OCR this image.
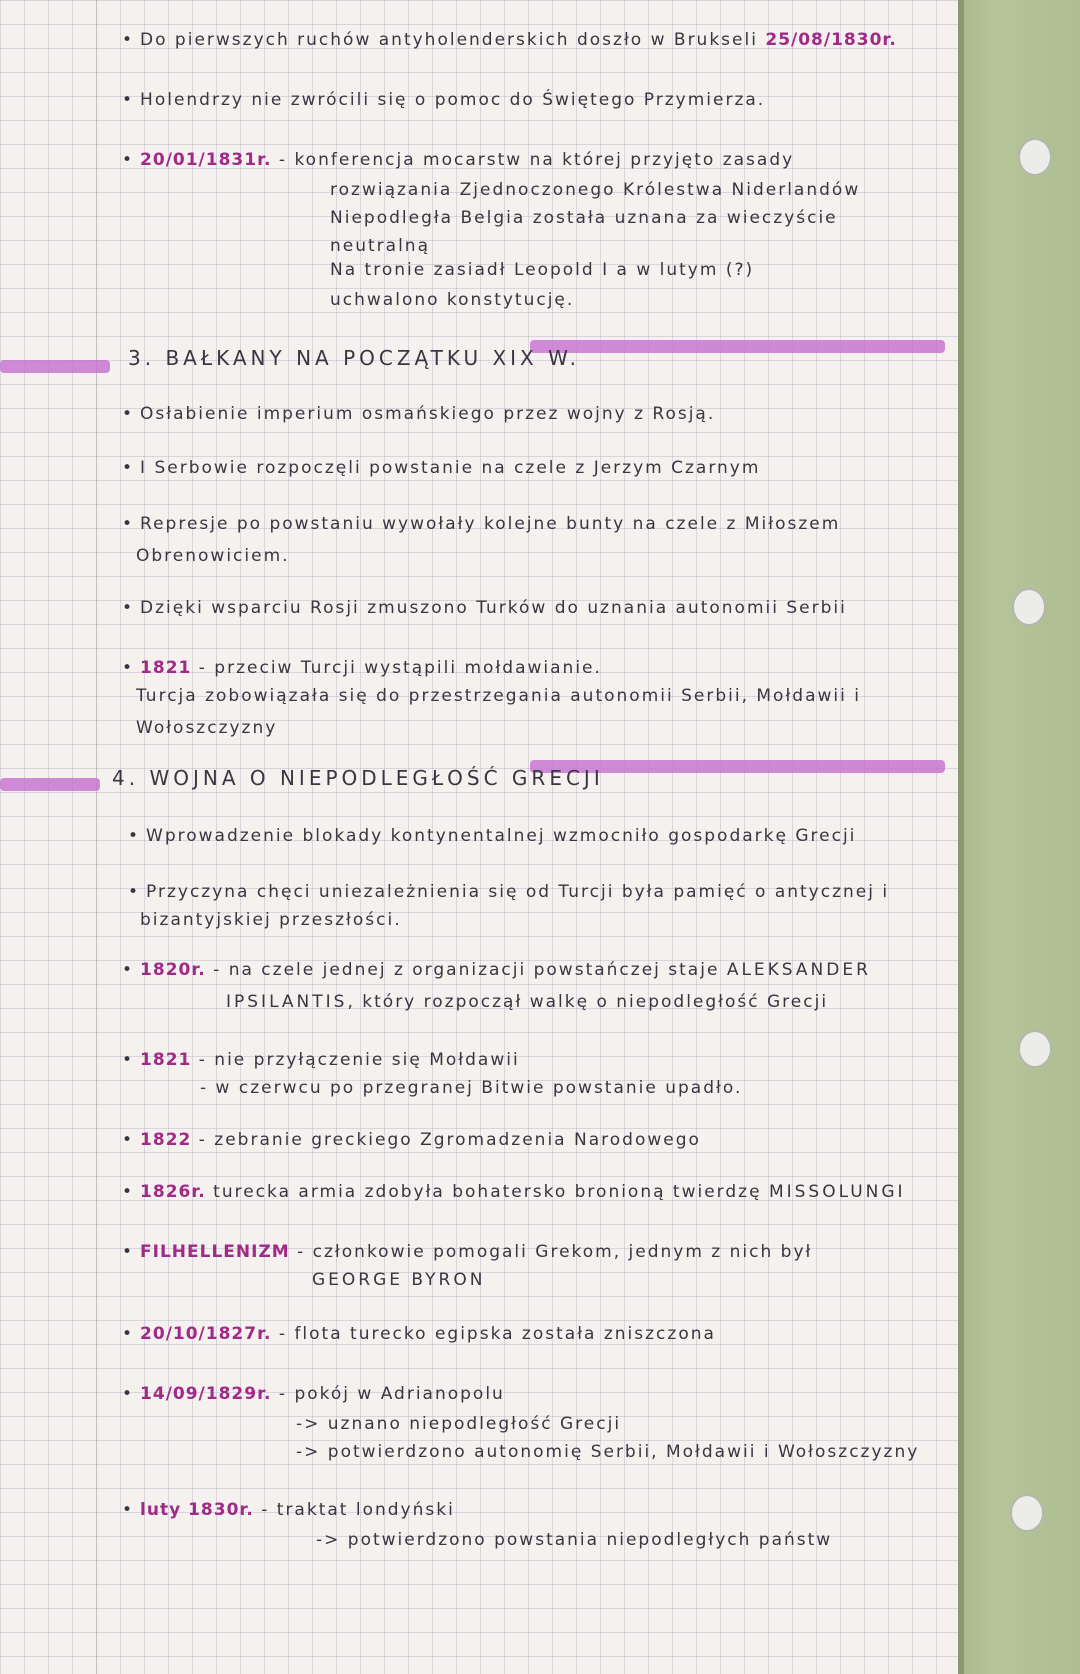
• Do pierwszych ruchów antyholenderskich doszło w Brukseli 25/08/1830r.
• Holendrzy nie zwrócili się o pomoc do Świętego Przymierza.
• 20/01/1831r. - konferencja mocarstw na której przyjęto zasady
rozwiązania Zjednoczonego Królestwa Niderlandów
Niepodległa Belgia została uznana za wieczyście
neutralną
Na tronie zasiadł Leopold I a w lutym (?)
uchwalono konstytucję.
3. BAŁKANY NA POCZĄTKU XIX W.
• Osłabienie imperium osmańskiego przez wojny z Rosją.
• I Serbowie rozpoczęli powstanie na czele z Jerzym Czarnym
• Represje po powstaniu wywołały kolejne bunty na czele z Miłoszem
Obrenowiciem.
• Dzięki wsparciu Rosji zmuszono Turków do uznania autonomii Serbii
• 1821 - przeciw Turcji wystąpili mołdawianie.
Turcja zobowiązała się do przestrzegania autonomii Serbii, Mołdawii i
Wołoszczyzny
4. WOJNA O NIEPODLEGŁOŚĆ GRECJI
• Wprowadzenie blokady kontynentalnej wzmocniło gospodarkę Grecji
• Przyczyna chęci uniezależnienia się od Turcji była pamięć o antycznej i
bizantyjskiej przeszłości.
• 1820r. - na czele jednej z organizacji powstańczej staje ALEKSANDER
IPSILANTIS, który rozpoczął walkę o niepodległość Grecji
• 1821 - nie przyłączenie się Mołdawii
- w czerwcu po przegranej Bitwie powstanie upadło.
• 1822 - zebranie greckiego Zgromadzenia Narodowego
• 1826r. turecka armia zdobyła bohatersko bronioną twierdzę MISSOLUNGI
• FILHELLENIZM - członkowie pomogali Grekom, jednym z nich był
GEORGE BYRON
• 20/10/1827r. - flota turecko egipska została zniszczona
• 14/09/1829r. - pokój w Adrianopolu
-> uznano niepodległość Grecji
-> potwierdzono autonomię Serbii, Mołdawii i Wołoszczyzny
• luty 1830r. - traktat londyński
-> potwierdzono powstania niepodległych państw
